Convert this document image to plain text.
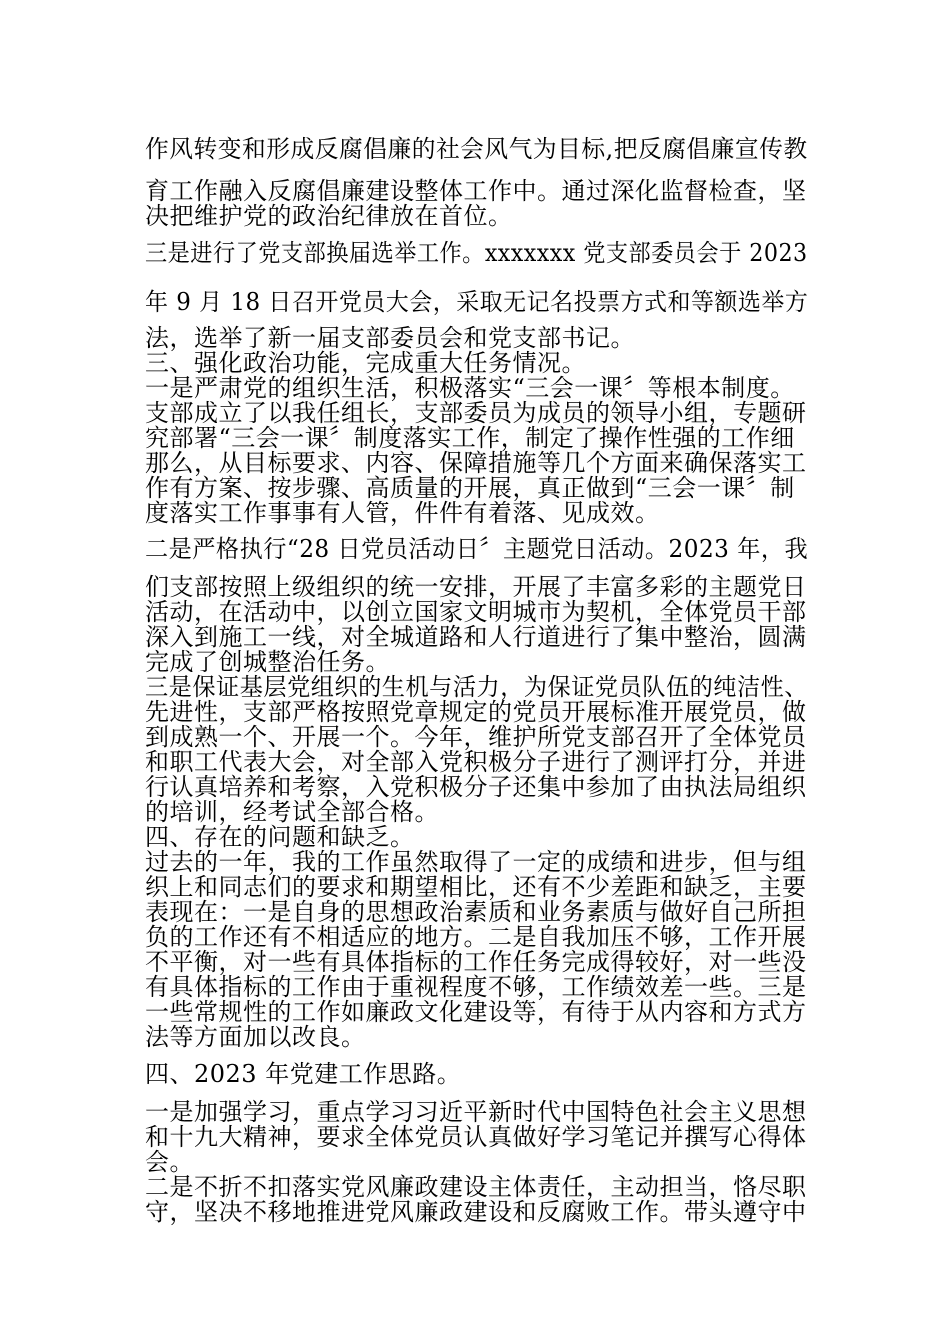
作风转变和形成反腐倡廉的社会风气为目标,把反腐倡廉宣传教
育工作融入反腐倡廉建设整体工作中。通过深化监督检查，坚
决把维护党的政治纪律放在首位。
三是进行了党支部换届选举工作。xxxxxxx 党支部委员会于 2023
年 9 月 18 日召开党员大会，采取无记名投票方式和等额选举方
法，选举了新一届支部委员会和党支部书记。
三、强化政治功能，完成重大任务情况。
一是严肃党的组织生活，积极落实“三会一课〞等根本制度。
支部成立了以我任组长，支部委员为成员的领导小组，专题研
究部署“三会一课〞制度落实工作，制定了操作性强的工作细
那么，从目标要求、内容、保障措施等几个方面来确保落实工
作有方案、按步骤、高质量的开展，真正做到“三会一课〞制
度落实工作事事有人管，件件有着落、见成效。
二是严格执行“28 日党员活动日〞主题党日活动。2023 年，我
们支部按照上级组织的统一安排，开展了丰富多彩的主题党日
活动，在活动中，以创立国家文明城市为契机，全体党员干部
深入到施工一线，对全城道路和人行道进行了集中整治，圆满
完成了创城整治任务。
三是保证基层党组织的生机与活力，为保证党员队伍的纯洁性、
先进性，支部严格按照党章规定的党员开展标准开展党员，做
到成熟一个、开展一个。今年，维护所党支部召开了全体党员
和职工代表大会，对全部入党积极分子进行了测评打分，并进
行认真培养和考察，入党积极分子还集中参加了由执法局组织
的培训，经考试全部合格。
四、存在的问题和缺乏。
过去的一年，我的工作虽然取得了一定的成绩和进步，但与组
织上和同志们的要求和期望相比，还有不少差距和缺乏，主要
表现在：一是自身的思想政治素质和业务素质与做好自己所担
负的工作还有不相适应的地方。二是自我加压不够，工作开展
不平衡，对一些有具体指标的工作任务完成得较好，对一些没
有具体指标的工作由于重视程度不够，工作绩效差一些。三是
一些常规性的工作如廉政文化建设等，有待于从内容和方式方
法等方面加以改良。
四、2023 年党建工作思路。
一是加强学习，重点学习习近平新时代中国特色社会主义思想
和十九大精神，要求全体党员认真做好学习笔记并撰写心得体
会。
二是不折不扣落实党风廉政建设主体责任，主动担当，恪尽职
守，坚决不移地推进党风廉政建设和反腐败工作。带头遵守中
